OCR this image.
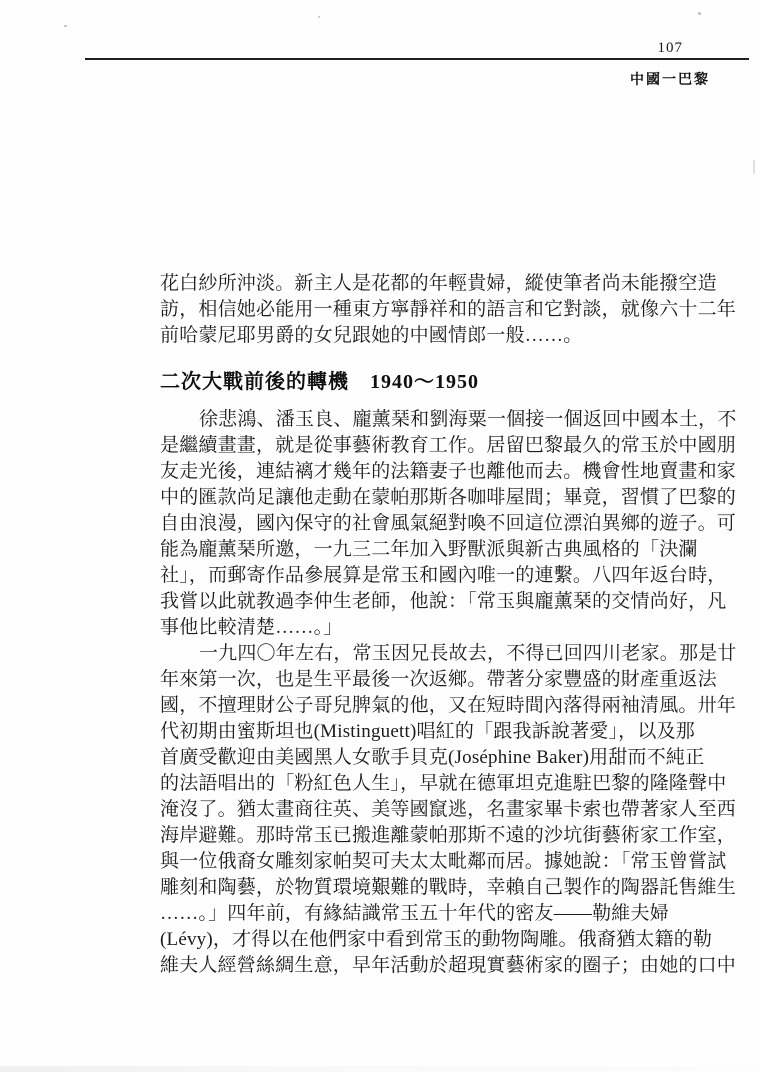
107
中國一巴黎
花白紗所沖淡。新主人是花都的年輕貴婦，縱使筆者尚未能撥空造
訪，相信她必能用一種東方寧靜祥和的語言和它對談，就像六十二年
前哈蒙尼耶男爵的女兒跟她的中國情郎一般……。
二次大戰前後的轉機　1940～1950
徐悲鴻、潘玉良、龐薰琹和劉海粟一個接一個返回中國本土，不
是繼續畫畫，就是從事藝術教育工作。居留巴黎最久的常玉於中國朋
友走光後，連結褵才幾年的法籍妻子也離他而去。機會性地賣畫和家
中的匯款尚足讓他走動在蒙帕那斯各咖啡屋間；畢竟，習慣了巴黎的
自由浪漫，國內保守的社會風氣絕對喚不回這位漂泊異鄉的遊子。可
能為龐薰琹所邀，一九三二年加入野獸派與新古典風格的「決瀾
社」，而郵寄作品參展算是常玉和國內唯一的連繫。八四年返台時，
我嘗以此就教過李仲生老師，他說：「常玉與龐薰琹的交情尚好，凡
事他比較清楚……。」
一九四〇年左右，常玉因兄長故去，不得已回四川老家。那是廿
年來第一次，也是生平最後一次返鄉。帶著分家豐盛的財產重返法
國，不擅理財公子哥兒脾氣的他，又在短時間內落得兩袖清風。卅年
代初期由蜜斯坦也(Mistinguett)唱紅的「跟我訴說著愛」，以及那
首廣受歡迎由美國黑人女歌手貝克(Joséphine Baker)用甜而不純正
的法語唱出的「粉紅色人生」，早就在德軍坦克進駐巴黎的隆隆聲中
淹沒了。猶太畫商往英、美等國竄逃，名畫家畢卡索也帶著家人至西
海岸避難。那時常玉已搬進離蒙帕那斯不遠的沙坑街藝術家工作室，
與一位俄裔女雕刻家帕契可夫太太毗鄰而居。據她說：「常玉曾嘗試
雕刻和陶藝，於物質環境艱難的戰時，幸賴自己製作的陶器託售維生
……。」四年前，有緣結識常玉五十年代的密友——勒維夫婦
(Lévy)，才得以在他們家中看到常玉的動物陶雕。俄裔猶太籍的勒
維夫人經營絲綢生意，早年活動於超現實藝術家的圈子；由她的口中
